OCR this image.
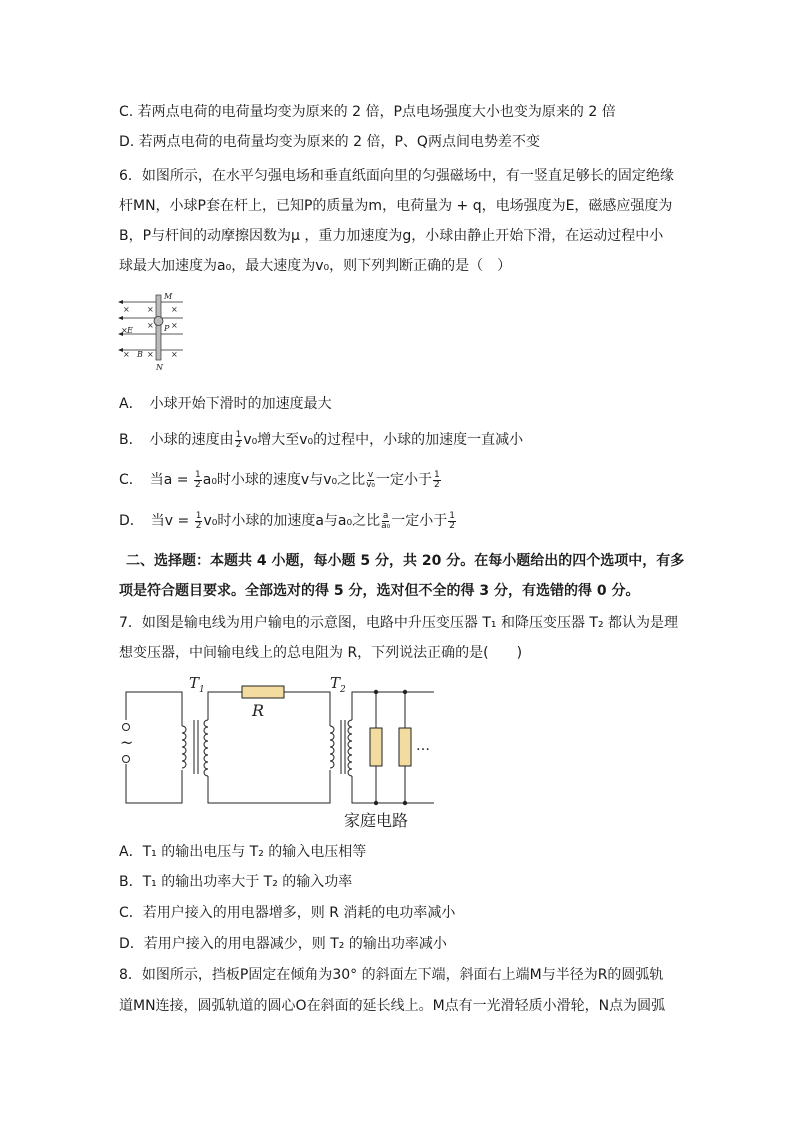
C. 若两点电荷的电荷量均变为原来的 2 倍，P点电场强度大小也变为原来的 2 倍
D. 若两点电荷的电荷量均变为原来的 2 倍，P、Q两点间电势差不变
6．如图所示，在水平匀强电场和垂直纸面向里的匀强磁场中，有一竖直足够长的固定绝缘
杆MN，小球P套在杆上，已知P的质量为m，电荷量为 + q，电场强度为E，磁感应强度为
B，P与杆间的动摩擦因数为μ ，重力加速度为g，小球由静止开始下滑，在运动过程中小
球最大加速度为a₀，最大速度为v₀，则下列判断正确的是（　）
× × ×
×
× ×
× × ×
E
B
M
N
P
A．　小球开始下滑时的加速度最大
B．　小球的速度由 $\frac{1}{2} v_0$增大至v₀的过程中，小球的加速度一直减小
C．　当$a = \frac{1}{2} a_0$时小球的速度v与v₀之比 $\frac{v}{\text{v₀}}$ 一定小于 $\frac{1}{2}$
D．　当$v = \frac{1}{2} v_0$时小球的加速度a与a₀之比 $\frac{a}{\text{a₀}}$ 一定小于 $\frac{1}{2}$
二、选择题：本题共 4 小题，每小题 5 分，共 20 分。在每小题给出的四个选项中，有多
项是符合题目要求。全部选对的得 5 分，选对但不全的得 3 分，有选错的得 0 分。
7．如图是输电线为用户输电的示意图，电路中升压变压器 T₁ 和降压变压器 T₂ 都认为是理
想变压器，中间输电线上的总电阻为 R，下列说法正确的是(　　)
~
$T_1$	$T_2$
R
…
家庭电路
A．T₁ 的输出电压与 T₂ 的输入电压相等
B．T₁ 的输出功率大于 T₂ 的输入功率
C．若用户接入的用电器增多，则 R 消耗的电功率减小
D．若用户接入的用电器减少，则 T₂ 的输出功率减小
8．如图所示，挡板P固定在倾角为30° 的斜面左下端，斜面右上端M与半径为R的圆弧轨
道MN连接，圆弧轨道的圆心O在斜面的延长线上。M点有一光滑轻质小滑轮，N点为圆弧
